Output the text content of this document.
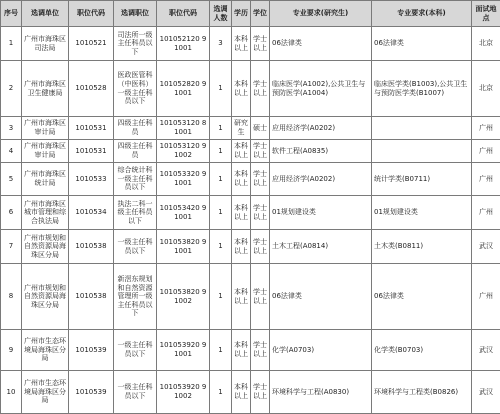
序号	选调单位	职位代码	选调职位	职位代码	选调人数	学历	学位	专业要求(研究生)	专业要求(本科)	面试地点
1	广州市海珠区司法局	1010521	司法所一级主任科员以下	101052120 91001	3	本科以上	学士以上	06法律类	06法律类	北京
2	广州市海珠区卫生健康局	1010528	医政医管科（中医科）一级主任科员以下	101052820 91001	1	本科以上	学士以上	临床医学(A1002),公共卫生与预防医学(A1004)	临床医学类(B1003),公共卫生与预防医学类(B1007)	北京
3	广州市海珠区审计局	1010531	四级主任科员	101053120 81001	1	研究生	硕士	应用经济学(A0202)		广州
4	广州市海珠区审计局	1010531	四级主任科员	101053120 91002	1	本科以上	学士以上	软件工程(A0835)		广州
5	广州市海珠区统计局	1010533	综合统计科一级主任科员以下	101053320 91001	1	本科以上	学士以上	应用经济学(A0202)	统计学类(B0711)	广州
6	广州市海珠区城市管理和综合执法局	1010534	执法二科一级主任科员以下	101053420 91001	1	本科以上	学士以上	01规划建设类	01规划建设类	广州
7	广州市规划和自然资源局海珠区分局	1010538	一级主任科员以下	101053820 91001	1	本科以上	学士以上	土木工程(A0814)	土木类(B0811)	武汉
8	广州市规划和自然资源局海珠区分局	1010538	新滘东规划和自然资源管理所一级主任科员以下	101053820 91002	1	本科以上	学士以上	06法律类	06法律类	广州
9	广州市生态环境局海珠区分局	1010539	一级主任科员以下	101053920 91001	1	本科以上	学士以上	化学(A0703)	化学类(B0703)	武汉
10	广州市生态环境局海珠区分局	1010539	一级主任科员以下	101053920 91002	1	本科以上	学士以上	环境科学与工程(A0830)	环境科学与工程类(B0826)	武汉
